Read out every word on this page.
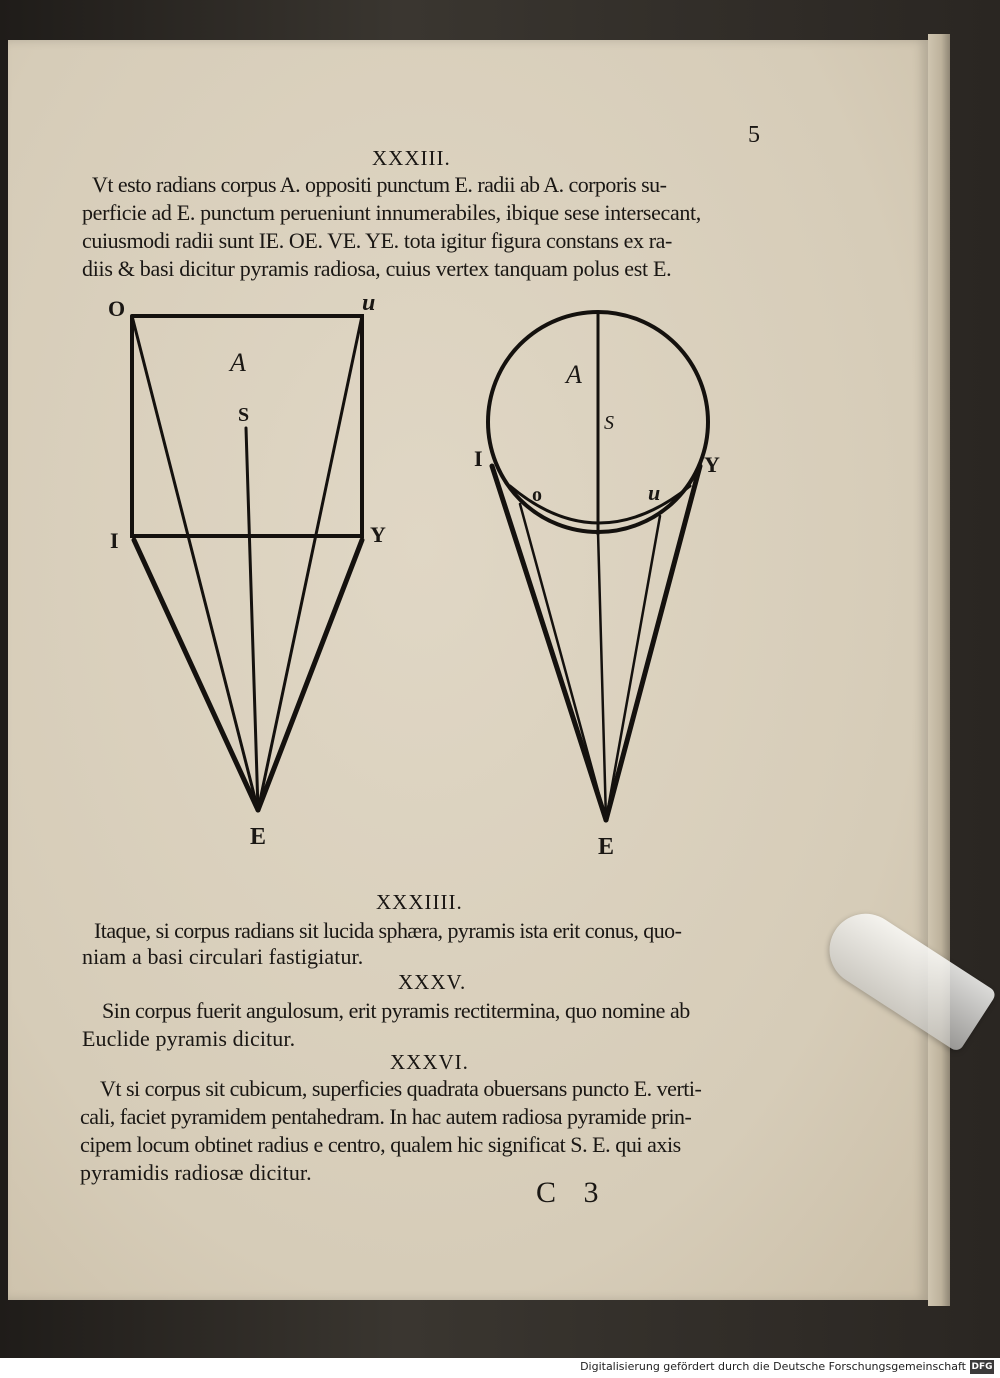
5
XXXIII.
Vt esto radians corpus A. oppositi punctum E. radii ab A. corporis su-
perficie ad E. punctum perueniunt innumerabiles, ibique sese intersecant,
cuiusmodi radii sunt IE. OE. VE. YE. tota igitur figura constans ex ra-
diis & basi dicitur pyramis radiosa, cuius vertex tanquam polus est E.
O	u
A
S
I	Y
E
A
S
I	Y
o	u
E
XXXIIII.
Itaque, si corpus radians sit lucida sphæra, pyramis ista erit conus, quo-
niam a basi circulari fastigiatur.
XXXV.
Sin corpus fuerit angulosum, erit pyramis rectitermina, quo nomine ab
Euclide pyramis dicitur.
XXXVI.
Vt si corpus sit cubicum, superficies quadrata obuersans puncto E. verti-
cali, faciet pyramidem pentahedram. In hac autem radiosa pyramide prin-
cipem locum obtinet radius e centro, qualem hic significat S. E. qui axis
pyramidis radiosæ dicitur.
C 3
Digitalisierung gefördert durch die Deutsche Forschungsgemeinschaft DFG
